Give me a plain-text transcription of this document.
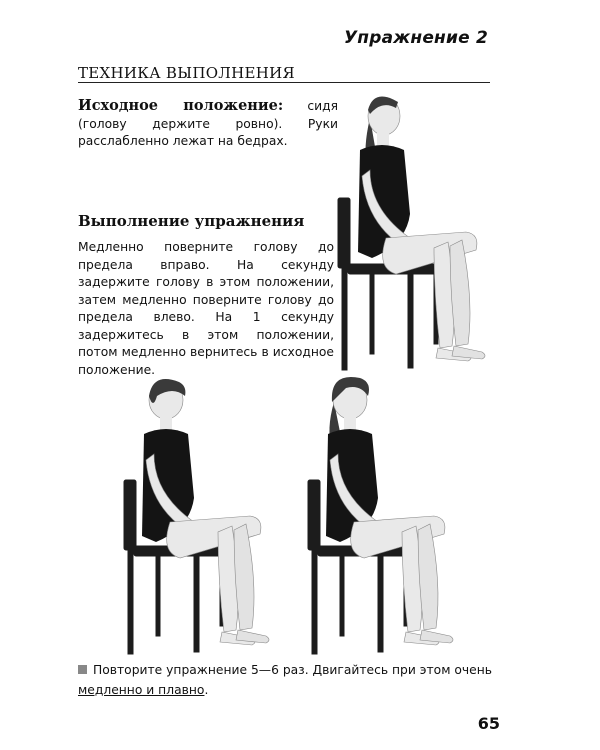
Упражнение 2
ТЕХНИКА ВЫПОЛНЕНИЯ
Исходное положение: сидя (голову держите ровно). Руки расслабленно лежат на бедрах.
Выполнение упражнения
Медленно поверните голову до предела вправо. На секунду задержите голову в этом положении, затем медленно поверните голову до предела влево. На 1 секунду задержитесь в этом положении, потом медленно вернитесь в исходное положение.
Повторите упражнение 5—6 раз. Двигайтесь при этом очень медленно и плавно.
65
